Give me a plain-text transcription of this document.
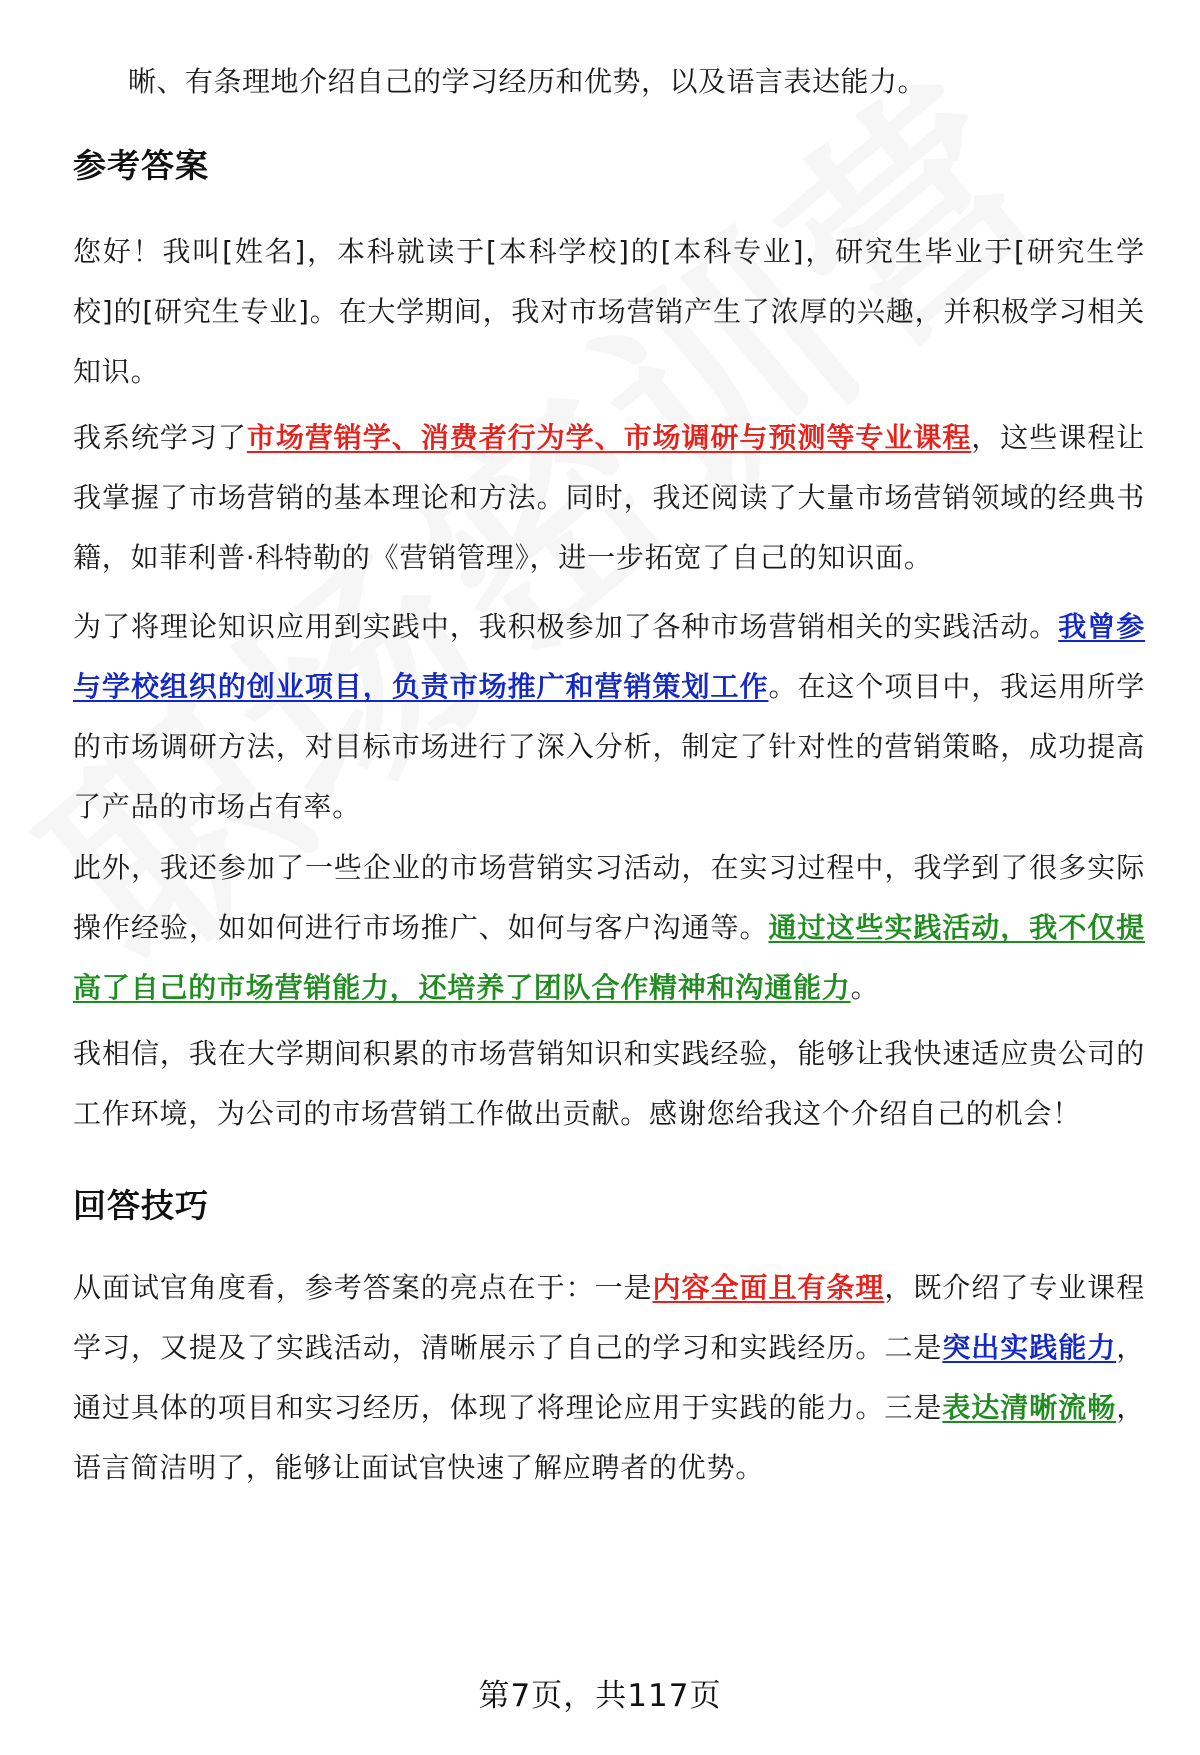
晰、有条理地介绍自己的学习经历和优势，以及语言表达能力。
参考答案
您好！我叫[姓名]，本科就读于[本科学校]的[本科专业]，研究生毕业于[研究生学校]的[研究生专业]。在大学期间，我对市场营销产生了浓厚的兴趣，并积极学习相关知识。
我系统学习了市场营销学、消费者行为学、市场调研与预测等专业课程，这些课程让我掌握了市场营销的基本理论和方法。同时，我还阅读了大量市场营销领域的经典书籍，如菲利普·科特勒的《营销管理》，进一步拓宽了自己的知识面。
为了将理论知识应用到实践中，我积极参加了各种市场营销相关的实践活动。我曾参与学校组织的创业项目，负责市场推广和营销策划工作。在这个项目中，我运用所学的市场调研方法，对目标市场进行了深入分析，制定了针对性的营销策略，成功提高了产品的市场占有率。
此外，我还参加了一些企业的市场营销实习活动，在实习过程中，我学到了很多实际操作经验，如如何进行市场推广、如何与客户沟通等。通过这些实践活动，我不仅提高了自己的市场营销能力，还培养了团队合作精神和沟通能力。
我相信，我在大学期间积累的市场营销知识和实践经验，能够让我快速适应贵公司的工作环境，为公司的市场营销工作做出贡献。感谢您给我这个介绍自己的机会！
回答技巧
从面试官角度看，参考答案的亮点在于：一是内容全面且有条理，既介绍了专业课程学习，又提及了实践活动，清晰展示了自己的学习和实践经历。二是突出实践能力，通过具体的项目和实习经历，体现了将理论应用于实践的能力。三是表达清晰流畅，语言简洁明了，能够让面试官快速了解应聘者的优势。
第7页，共117页
